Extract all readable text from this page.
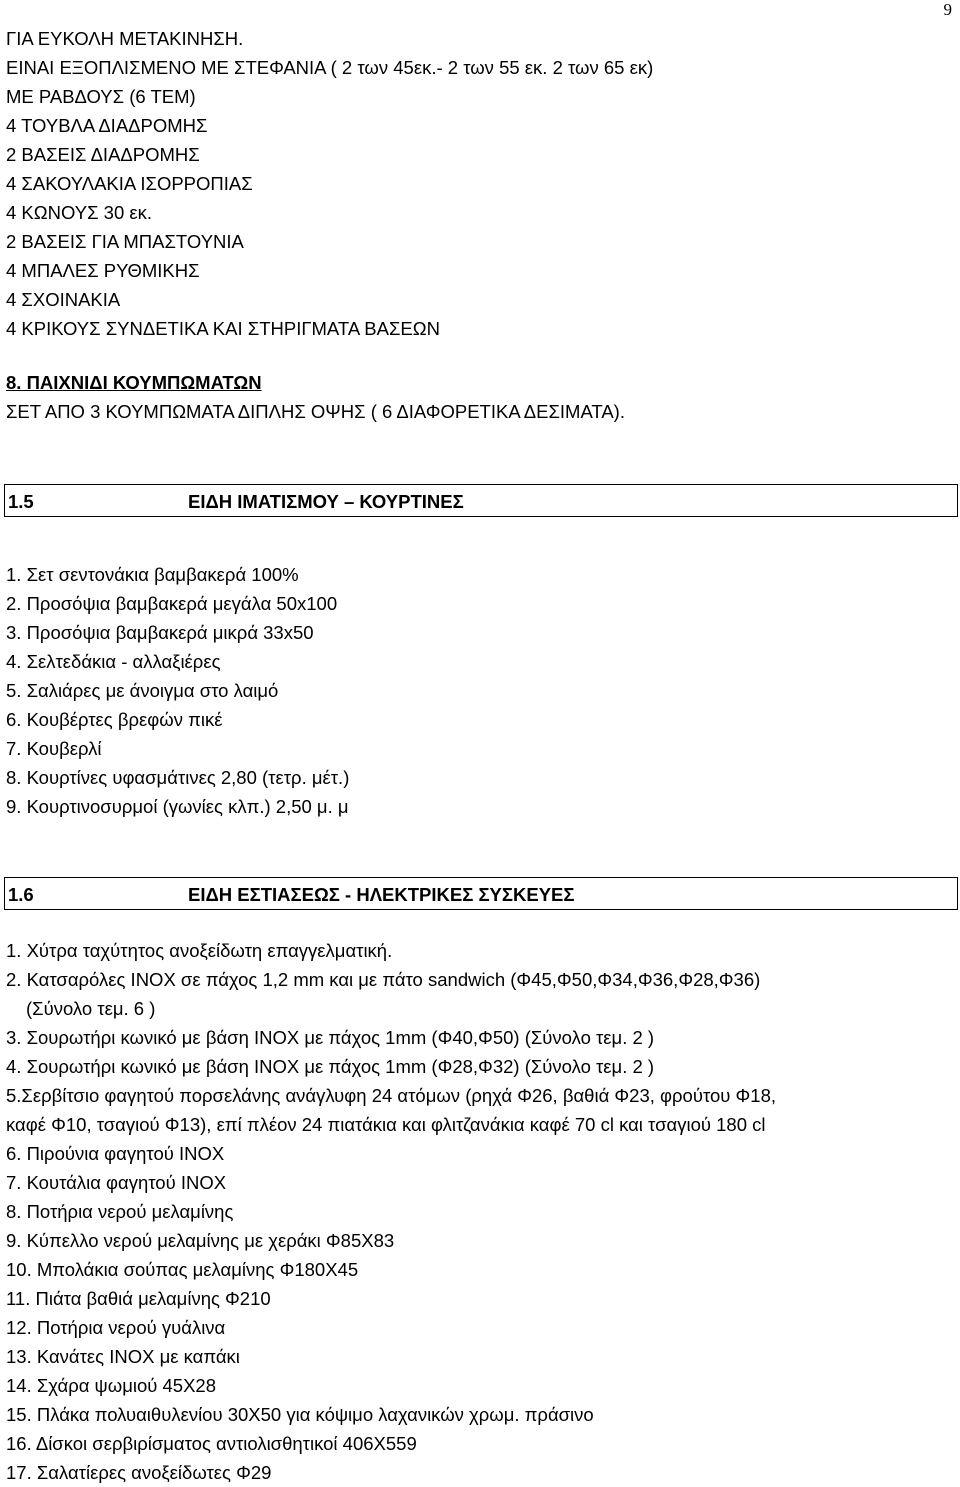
9
ΓΙΑ ΕΥΚΟΛΗ ΜΕΤΑΚΙΝΗΣΗ.
ΕΙΝΑΙ ΕΞΟΠΛΙΣΜΕΝΟ ΜΕ ΣΤΕΦΑΝΙΑ ( 2 των 45εκ.- 2 των 55 εκ. 2 των 65 εκ)
ΜΕ ΡΑΒΔΟΥΣ (6 ΤΕΜ)
4 ΤΟΥΒΛΑ ΔΙΑΔΡΟΜΗΣ
2 ΒΑΣΕΙΣ ΔΙΑΔΡΟΜΗΣ
4 ΣΑΚΟΥΛΑΚΙΑ ΙΣΟΡΡΟΠΙΑΣ
4 ΚΩΝΟΥΣ 30 εκ.
2 ΒΑΣΕΙΣ ΓΙΑ ΜΠΑΣΤΟΥΝΙΑ
4 ΜΠΑΛΕΣ ΡΥΘΜΙΚΗΣ
4 ΣΧΟΙΝΑΚΙΑ
4 ΚΡΙΚΟΥΣ ΣΥΝΔΕΤΙΚΑ ΚΑΙ ΣΤΗΡΙΓΜΑΤΑ ΒΑΣΕΩΝ
8. ΠΑΙΧΝΙΔΙ ΚΟΥΜΠΩΜΑΤΩΝ
ΣΕΤ ΑΠΟ 3 ΚΟΥΜΠΩΜΑΤΑ ΔΙΠΛΗΣ ΟΨΗΣ ( 6 ΔΙΑΦΟΡΕΤΙΚΑ ΔΕΣΙΜΑΤΑ).
1.5	ΕΙΔΗ ΙΜΑΤΙΣΜΟΥ – ΚΟΥΡΤΙΝΕΣ
1. Σετ σεντονάκια βαμβακερά 100%
2. Προσόψια βαμβακερά μεγάλα 50x100
3. Προσόψια βαμβακερά μικρά 33x50
4. Σελτεδάκια - αλλαξιέρες
5. Σαλιάρες με άνοιγμα στο λαιμό
6. Κουβέρτες βρεφών πικέ
7. Κουβερλί
8. Κουρτίνες υφασμάτινες 2,80 (τετρ. μέτ.)
9. Κουρτινοσυρμοί (γωνίες κλπ.) 2,50 μ. μ
1.6	ΕΙΔΗ ΕΣΤΙΑΣΕΩΣ - ΗΛΕΚΤΡΙΚΕΣ ΣΥΣΚΕΥΕΣ
1. Χύτρα ταχύτητος ανοξείδωτη επαγγελματική.
2. Κατσαρόλες ΙΝΟΧ σε πάχος 1,2 mm και με πάτο sandwich (Φ45,Φ50,Φ34,Φ36,Φ28,Φ36)
(Σύνολο τεμ. 6 )
3. Σουρωτήρι κωνικό με βάση ΙΝΟΧ με πάχος 1mm (Φ40,Φ50) (Σύνολο τεμ. 2 )
4. Σουρωτήρι κωνικό με βάση ΙΝΟΧ με πάχος 1mm (Φ28,Φ32) (Σύνολο τεμ. 2 )
5.Σερβίτσιο φαγητού πορσελάνης ανάγλυφη 24 ατόμων (ρηχά Φ26, βαθιά Φ23, φρούτου Φ18,
καφέ Φ10, τσαγιού Φ13), επί πλέον 24 πιατάκια και φλιτζανάκια καφέ 70 cl και τσαγιού 180 cl
6. Πιρούνια φαγητού ΙΝΟΧ
7. Κουτάλια φαγητού ΙΝΟΧ
8. Ποτήρια νερού μελαμίνης
9. Κύπελλο νερού μελαμίνης με χεράκι Φ85Χ83
10. Μπολάκια σούπας μελαμίνης Φ180Χ45
11. Πιάτα βαθιά μελαμίνης Φ210
12. Ποτήρια νερού γυάλινα
13. Κανάτες ΙΝΟΧ με καπάκι
14. Σχάρα ψωμιού 45Χ28
15. Πλάκα πολυαιθυλενίου 30Χ50 για κόψιμο λαχανικών χρωμ. πράσινο
16. Δίσκοι σερβιρίσματος αντιολισθητικοί 406Χ559
17. Σαλατίερες ανοξείδωτες Φ29
